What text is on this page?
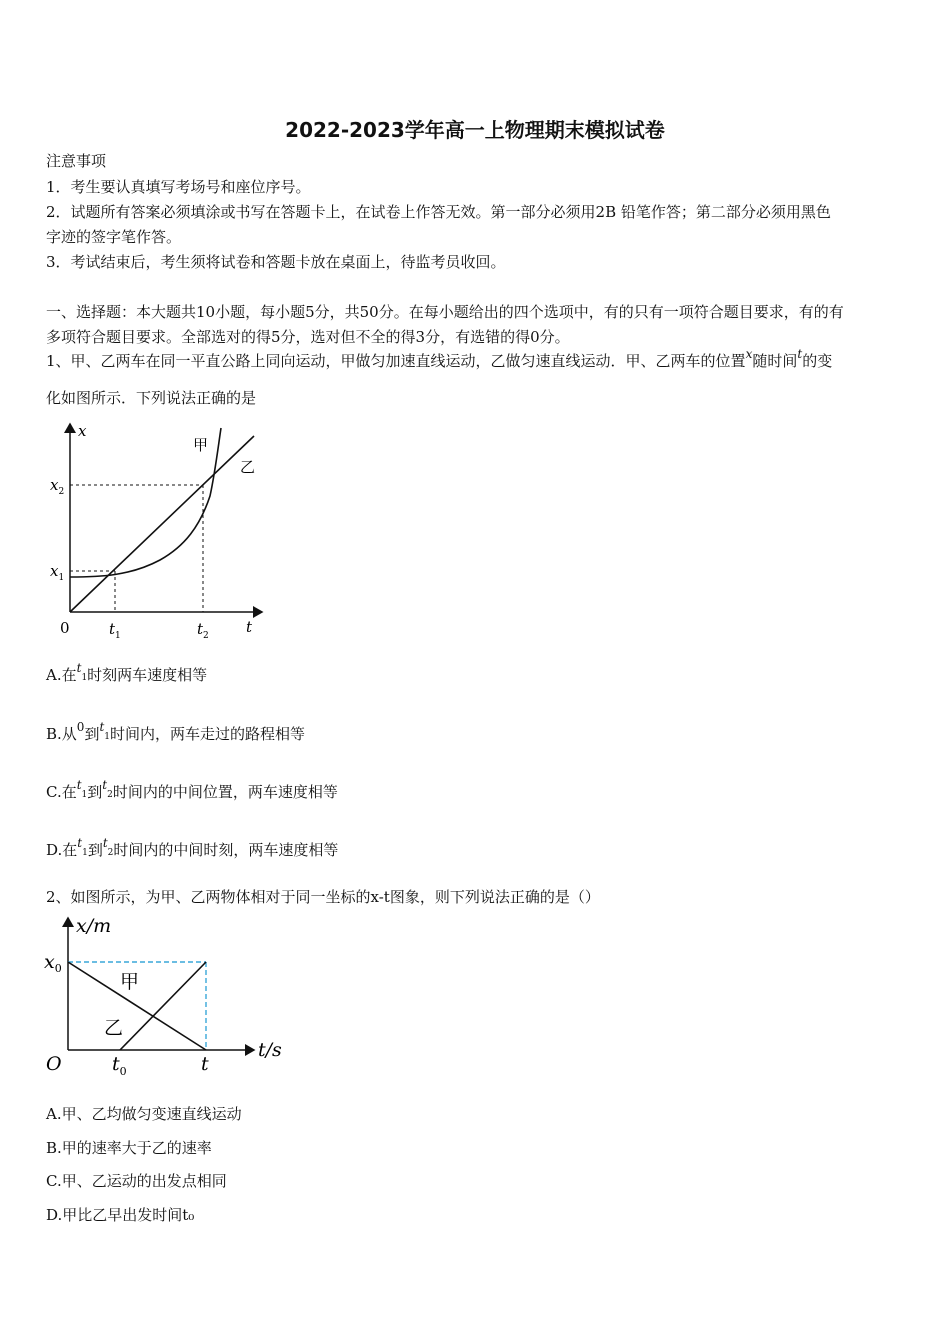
2022-2023学年高一上物理期末模拟试卷
注意事项
1．考生要认真填写考场号和座位序号。
2．试题所有答案必须填涂或书写在答题卡上，在试卷上作答无效。第一部分必须用2B 铅笔作答；第二部分必须用黑色
字迹的签字笔作答。
3．考试结束后，考生须将试卷和答题卡放在桌面上，待监考员收回。
一、选择题：本大题共10小题，每小题5分，共50分。在每小题给出的四个选项中，有的只有一项符合题目要求，有的有
多项符合题目要求。全部选对的得5分，选对但不全的得3分，有选错的得0分。
1、甲、乙两车在同一平直公路上同向运动，甲做匀加速直线运动，乙做匀速直线运动．甲、乙两车的位置$^x$随时间$^t$的变
化如图所示．下列说法正确的是
x
t
0
$x_1$
$x_2$
$t_1$	$t_2$
甲
乙
A.在$^t$1时刻两车速度相等
B.从$^0$到$^t$1时间内，两车走过的路程相等
C.在$^t$1到$^t$2时间内的中间位置，两车速度相等
D.在$^t$1到$^t$2时间内的中间时刻，两车速度相等
2、如图所示，为甲、乙两物体相对于同一坐标的x-t图象，则下列说法正确的是（）
x/m
t/s
O
$x_0$
$t_0$	t
甲
乙
A.甲、乙均做匀变速直线运动
B.甲的速率大于乙的速率
C.甲、乙运动的出发点相同
D.甲比乙早出发时间t₀
